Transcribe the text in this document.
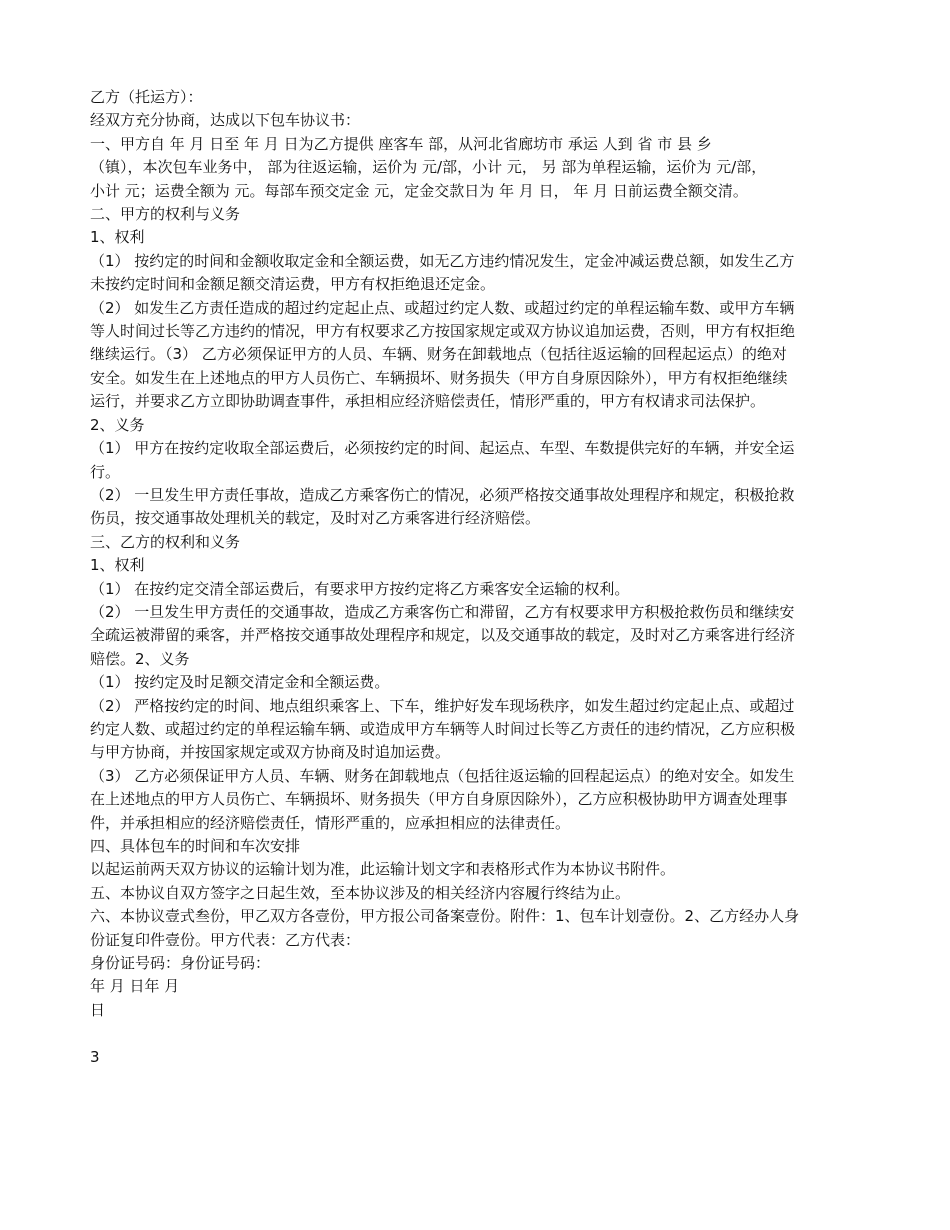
乙方（托运方）：

经双方充分协商，达成以下包车协议书：

一、甲方自 年 月 日至 年 月 日为乙方提供 座客车 部，从河北省廊坊市 承运 人到 省 市 县 乡

（镇），本次包车业务中， 部为往返运输，运价为 元/部，小计 元， 另 部为单程运输，运价为 元/部，

小计 元；运费全额为 元。每部车预交定金 元，定金交款日为 年 月 日， 年 月 日前运费全额交清。

二、甲方的权利与义务

1、权利

（1） 按约定的时间和金额收取定金和全额运费，如无乙方违约情况发生，定金冲减运费总额，如发生乙方

未按约定时间和金额足额交清运费，甲方有权拒绝退还定金。

（2） 如发生乙方责任造成的超过约定起止点、或超过约定人数、或超过约定的单程运输车数、或甲方车辆

等人时间过长等乙方违约的情况，甲方有权要求乙方按国家规定或双方协议追加运费，否则，甲方有权拒绝

继续运行。（3） 乙方必须保证甲方的人员、车辆、财务在卸载地点（包括往返运输的回程起运点）的绝对

安全。如发生在上述地点的甲方人员伤亡、车辆损坏、财务损失（甲方自身原因除外），甲方有权拒绝继续

运行，并要求乙方立即协助调查事件，承担相应经济赔偿责任，情形严重的，甲方有权请求司法保护。

2、义务

（1） 甲方在按约定收取全部运费后，必须按约定的时间、起运点、车型、车数提供完好的车辆，并安全运

行。

（2） 一旦发生甲方责任事故，造成乙方乘客伤亡的情况，必须严格按交通事故处理程序和规定，积极抢救

伤员，按交通事故处理机关的载定，及时对乙方乘客进行经济赔偿。

三、乙方的权利和义务

1、权利

（1） 在按约定交清全部运费后，有要求甲方按约定将乙方乘客安全运输的权利。

（2） 一旦发生甲方责任的交通事故，造成乙方乘客伤亡和滞留，乙方有权要求甲方积极抢救伤员和继续安

全疏运被滞留的乘客，并严格按交通事故处理程序和规定，以及交通事故的载定，及时对乙方乘客进行经济

赔偿。2、义务

（1） 按约定及时足额交清定金和全额运费。

（2） 严格按约定的时间、地点组织乘客上、下车，维护好发车现场秩序，如发生超过约定起止点、或超过

约定人数、或超过约定的单程运输车辆、或造成甲方车辆等人时间过长等乙方责任的违约情况，乙方应积极

与甲方协商，并按国家规定或双方协商及时追加运费。

（3） 乙方必须保证甲方人员、车辆、财务在卸载地点（包括往返运输的回程起运点）的绝对安全。如发生

在上述地点的甲方人员伤亡、车辆损坏、财务损失（甲方自身原因除外），乙方应积极协助甲方调查处理事

件，并承担相应的经济赔偿责任，情形严重的，应承担相应的法律责任。

四、具体包车的时间和车次安排

以起运前两天双方协议的运输计划为准，此运输计划文字和表格形式作为本协议书附件。

五、本协议自双方签字之日起生效，至本协议涉及的相关经济内容履行终结为止。

六、本协议壹式叁份，甲乙双方各壹份，甲方报公司备案壹份。附件：1、包车计划壹份。2、乙方经办人身

份证复印件壹份。甲方代表：乙方代表：

身份证号码：身份证号码：

年 月 日年 月

日

3
